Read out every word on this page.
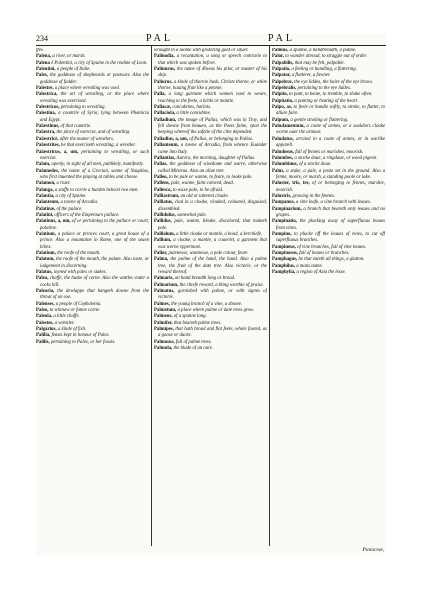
234	PAL	PAL

ffes.

Palena, a river, or marsh.

Palena ê Palentini, a city of Spaine in the realme of Leon.

Palentini, a people of Italie.

Pales, the goddesse of shepheards or pastours. Also the goddesse of fodder.

Palestre, a place where wrestling was vsed.

Palestrica, the art of wrestling, or the place where wrestling was exercised.

Palestricus, pertaining to wrestling.

Palestina, a countrie of Syria, lying between Phœnicia and Egypt.

Palæstinus, of that countrie.

Palæstra, the place of exercise, and of wrestling.

Palæstricè, after the maner of wrestlers.

Palæstrites, he that exerciseth wrestling, a wrestler.

Palæstricus, a, um, pertaining to wrestling, or such exercise.

Palam, openly, in sight of all men, publikely, manifestly.

Palamedes, the name of a Grecian, sonne of Nauplius, who first inuented the playing at tables and chesse.

Palamon, a riuer.

Palanga, a staffe to carrie a burden betwixt two men.

Palantia, a city of Spaine.

Palanteum, a towne of Arcadia.

Palatinæ, of the palace.

Palatini, officers of the Emperours pallace.

Palatinus, a, um, of or pertaining to the pallace or court, palatine.

Palatium, a palace or princes court, a great house of a prince. Also a mountaine in Rome, one of the seuen hilles.

Palatium, the roofe of the mouth.

Palatum, the roofe of the mouth, the palate. Also taste, or iudgement in discerning.

Palatus, ioyned with pales or stakes.

Palea, chaffe, the huske of corne. Also the wattles vnder a cocks bill.

Palearia, the dewlappe that hangeth downe from the throat of an oxe.

Palenses, a people of Cephalenia.

Paleo, to winnow or fanne corne.

Paleola, a little chaffe.

Palestes, a wrestler.

Palgarius, a kinde of fish.

Palilia, feasts kept in honour of Pales.

Palilis, pertaining to Pales, or her feasts.

wrought in a loome with glistering gold or siluer.

Palinodia, a recantation, a song or speech contrarie to that which was spoken before.

Palinurus, the name of Æneas his pilot, or master of his ship.

Paliurus, a kinde of thornie bush, Christs thorne, or white thorne, hauing fruit like a pennie.

Palla, a long garment which women vsed to weare, reaching to the feete, a kirtle or mantle.

Pallacæ, concubines, harlots.

Pallaciola, a little concubine.

Palladium, the image of Pallas, which was in Troy, and fell downe from heauen, as the Poets faine, vpon the keeping whereof the safetie of the citie depended.

Palladius, a, um, of Pallas, or belonging to Pallas.

Pallanteum, a towne of Arcadia, from whence Euander came into Italy.

Pallantias, Aurora, the morning, daughter of Pallas.

Pallas, the goddesse of wisedome and warre, otherwise called Minerua. Also an oliue tree.

Palleo, to be pale or wanne, to feare, to looke pale.

Pallens, pale, wanne, faint colored, dead.

Pallesco, to waxe pale, to be afraid.

Palliastrum, an old or tattered cloake.

Palliatus, clad in a cloake, cloaked, coloured, disguised, dissembled.

Pallidulus, somewhat pale.

Pallidus, pale, wanne, bleake, discolored, that maketh pale.

Palliolum, a little cloake or mantle, a hood, a kerchiefe.

Pallium, a cloake, a mantle, a couerlet, a garment that was worne vppermost.

Pallor, palenesse, wannesse, a pale colour, feare.

Palma, the palme of the hand, the hand. Also a palme tree, the fruit of the date tree. Also victorie, or the reward thereof.

Palmaris, an hand breadth long or broad.

Palmarium, the chiefe reward, a thing worthie of praise.

Palmatus, garnished with palme, or with signes of victorie.

Palmes, the young branch of a vine, a shoote.

Palmetum, a place where palme or date trees grow.

Palmeus, of a spanne long.

Palmifer, that beareth palme trees.

Palmipes, that hath broad and flat feete, whole footed, as a goose or ducke.

Palmosus, full of palme trees.

Palmula, the blade of an oare.

Palmus, a spanne, a handbreadth, a palme.

Palor, to wander abroad, to straggle out of order.

Palpabilis, that may be felt, palpable.

Palpatio, a feeling or handling, a flattering.

Palpator, a flatterer, a fawner.

Palpebræ, the eye liddes, the haire of the eye brows.

Palpebralis, pertaining to the eye liddes.

Palpito, to pant, to beate, to tremble, to shake often.

Palpitatio, a panting or beating of the heart.

Palpo, as, to feele or handle softly, to stroke, to flatter, to allure faire.

Palpum, a gentle stroking or flattering.

Paludamentum, a coate of armes, or a souldiers cloake worne ouer the armour.

Paludatus, arraied in a coate of armes, or in warlike apparell.

Paludosus, full of fennes or marishes, moorish.

Palumbes, a stocke doue, a ringdoue, or wood pigeon.

Palumbinus, of a stocke doue.

Palus, a stake, a pale, a poste set in the ground. Also a fenne, moore, or marsh, a standing poole or lake.

Paluster, tris, tre, of or belonging to fennes, marshie, moorish.

Palustris, growing in the fennes.

Pampanus, a vine leafe, a vine branch with leaues.

Pampinarium, a branch that beareth only leaues and no grapes.

Pampinatio, the plucking away of superfluous leaues from vines.

Pampino, to plucke off the leaues of vines, to cut off superfluous branches.

Pampineus, of vine branches, full of vine leaues.

Pampinosus, full of leaues or branches.

Pamphagus, he that eateth all things, a glutton.

Pamphilus, a mans name.

Pamphylia, a region of Asia the lesse.

Panaceæ,
